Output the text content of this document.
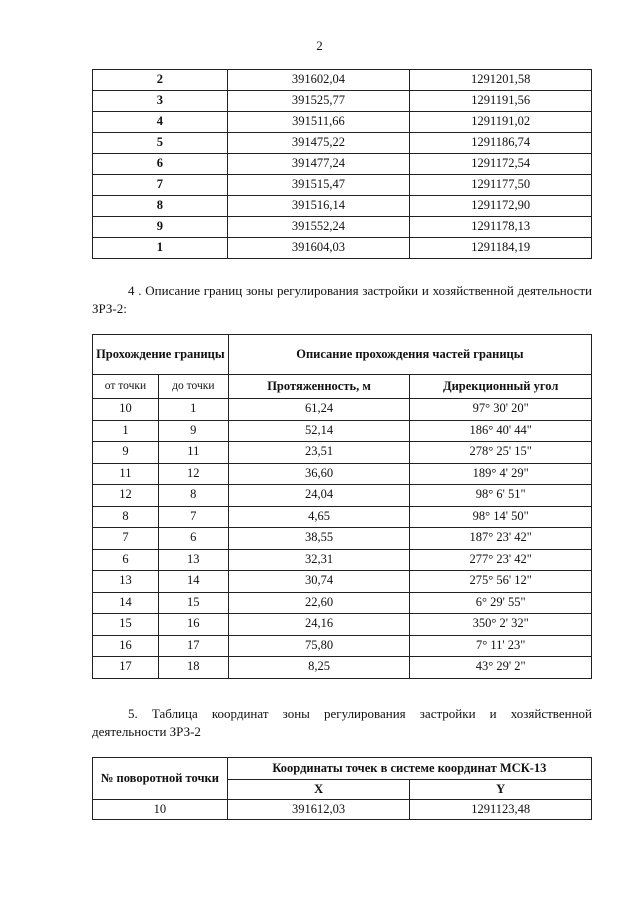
2
2	391602,04	1291201,58
3	391525,77	1291191,56
4	391511,66	1291191,02
5	391475,22	1291186,74
6	391477,24	1291172,54
7	391515,47	1291177,50
8	391516,14	1291172,90
9	391552,24	1291178,13
1	391604,03	1291184,19
4 . Описание границ зоны регулирования застройки и хозяйственной деятельности ЗРЗ-2:
Прохождение границы		Описание прохождения частей границы	
от точки	до точки	Протяженность, м	Дирекционный угол
10	1	61,24	97° 30' 20"
1	9	52,14	186° 40' 44"
9	11	23,51	278° 25' 15"
11	12	36,60	189° 4' 29"
12	8	24,04	98° 6' 51"
8	7	4,65	98° 14' 50"
7	6	38,55	187° 23' 42"
6	13	32,31	277° 23' 42"
13	14	30,74	275° 56' 12"
14	15	22,60	6° 29' 55"
15	16	24,16	350° 2' 32"
16	17	75,80	7° 11' 23"
17	18	8,25	43° 29' 2"
5. Таблица координат зоны регулирования застройки и хозяйственной деятельности ЗРЗ-2
№ поворотной точки	Координаты точек в системе координат МСК-13	
	X	Y
10	391612,03	1291123,48
